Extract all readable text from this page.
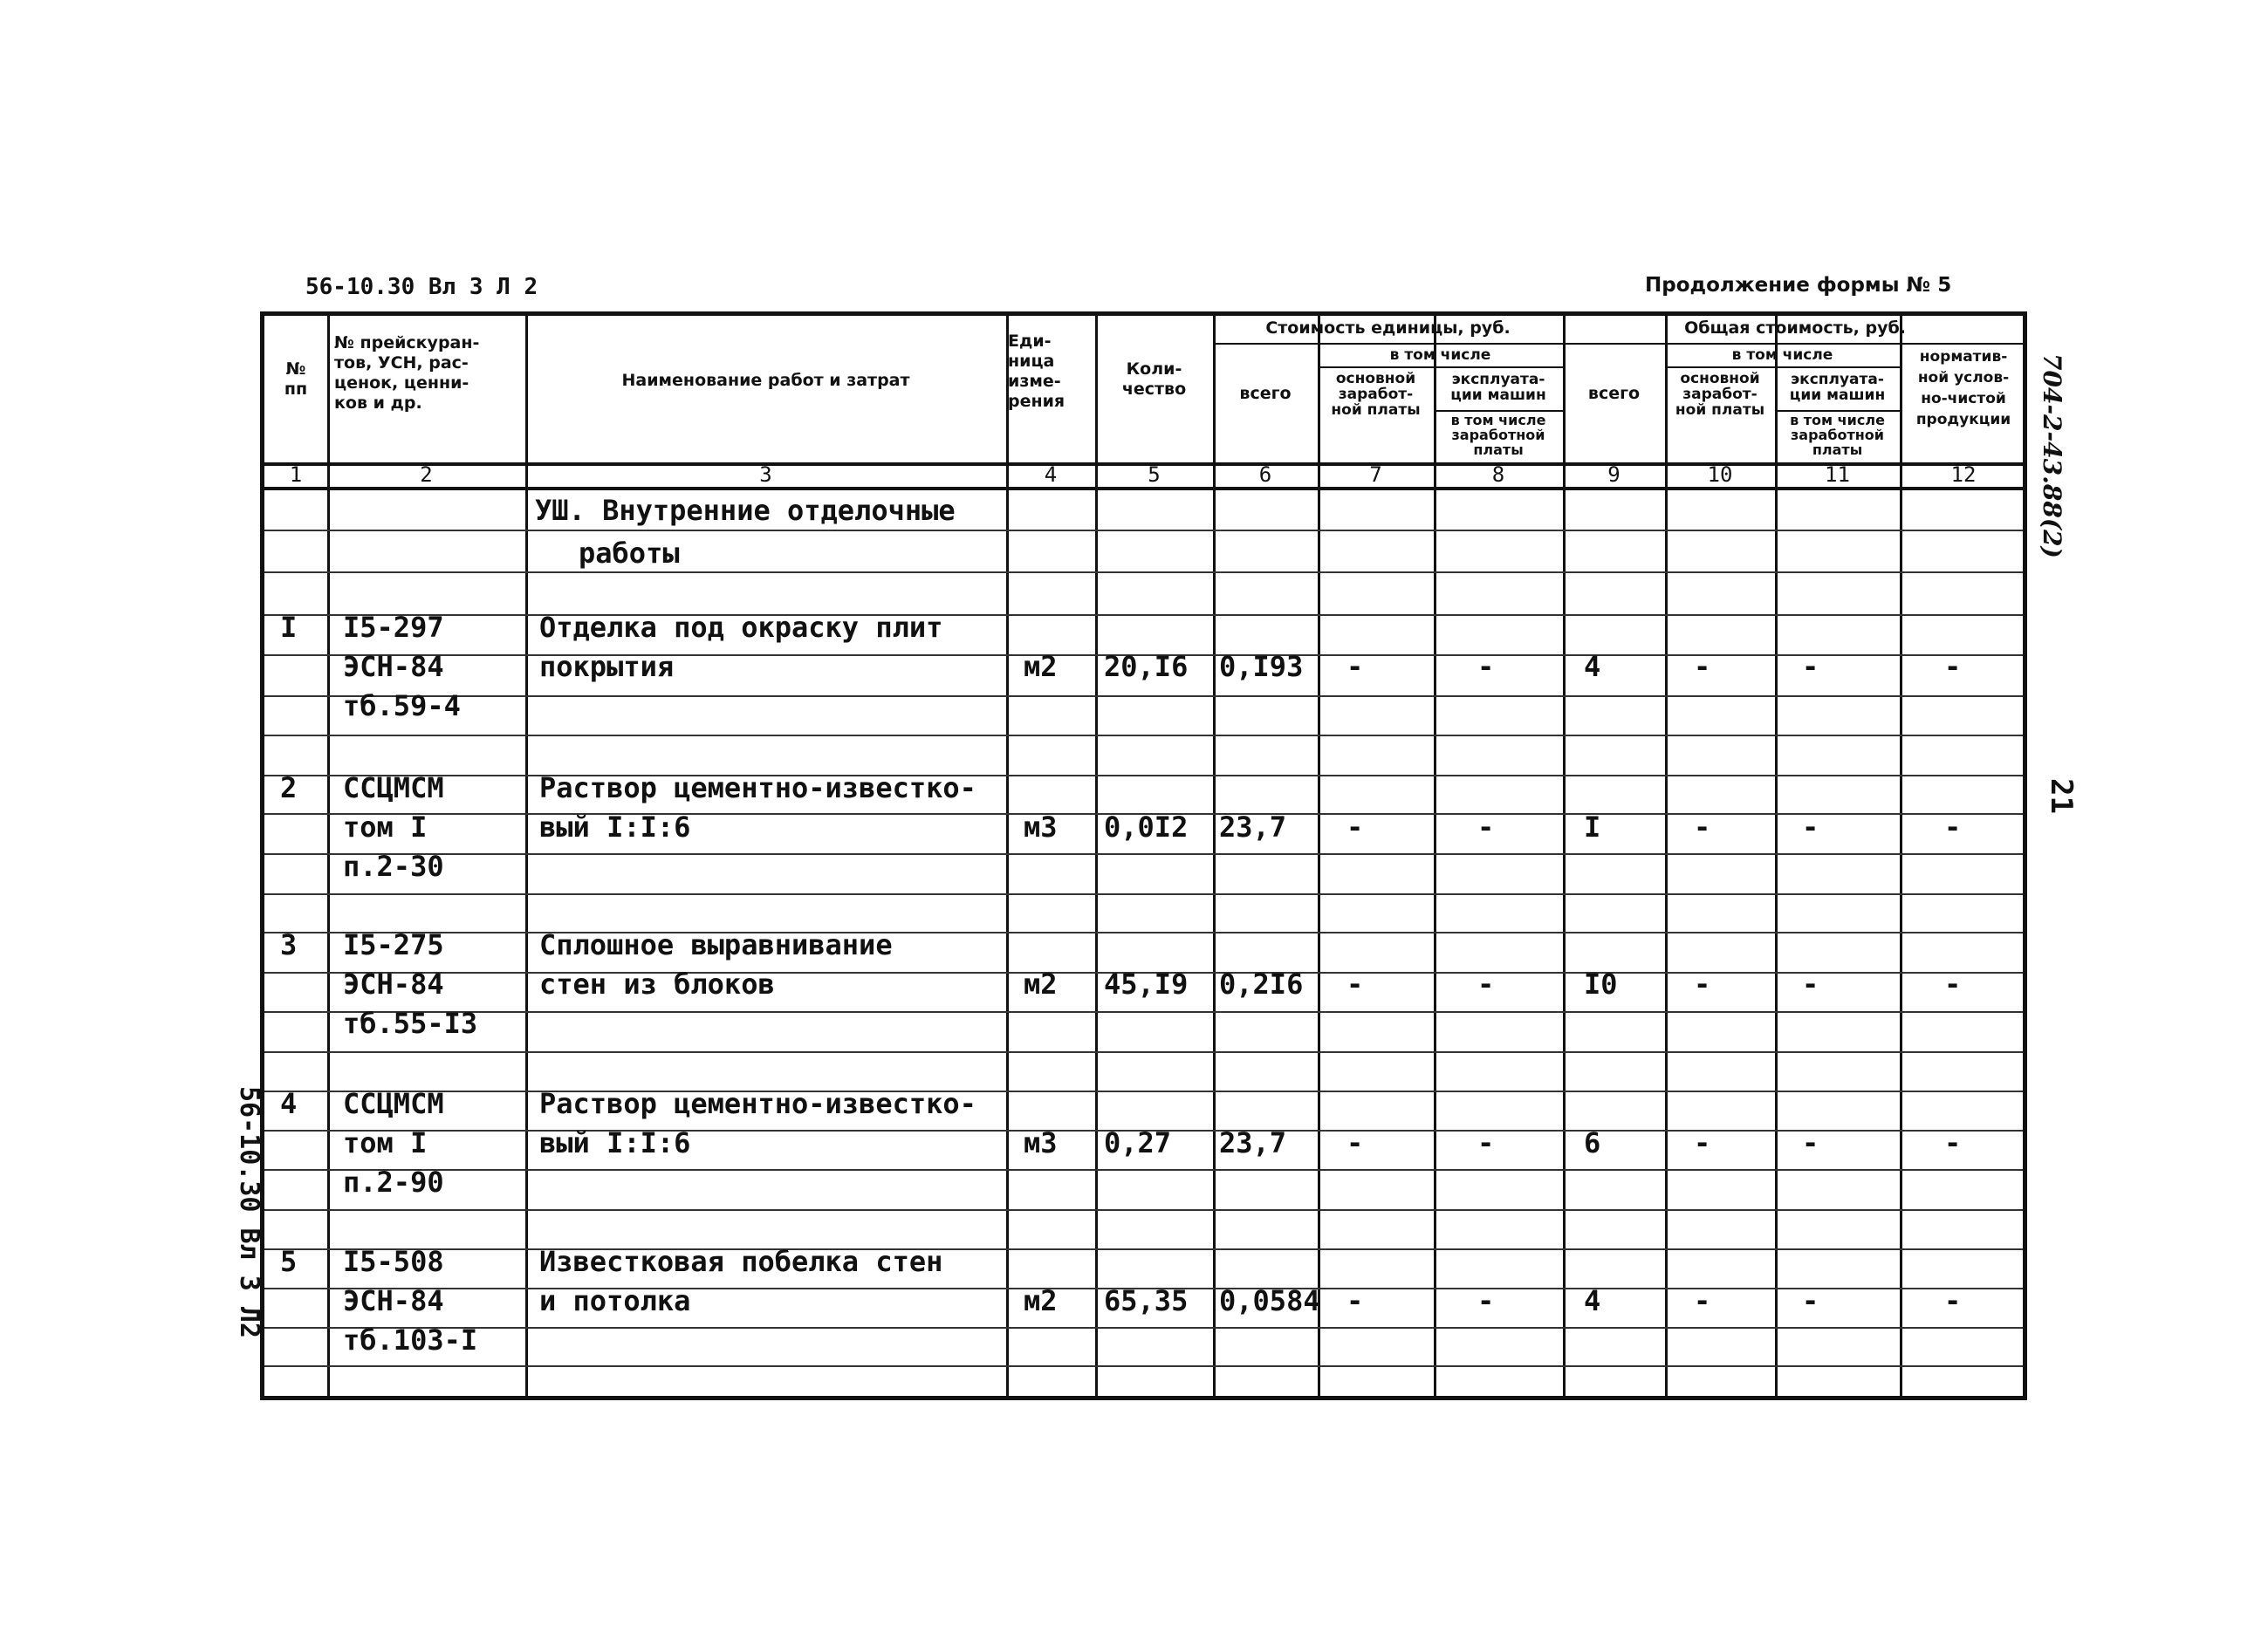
56-10.30 Вл 3 Л 2	Продолжение формы № 5
56-10.30 Вл 3 Л2
21
704-2-43.88(2)
№
пп
№ прейскуран-
тов, УСН, рас-
ценок, ценни-
ков и др.
Наименование работ и затрат
Еди-
ница
изме-
рения
Коли-
чество
Стоимость единицы, руб.	Общая стоимость, руб.
в том числе	в том числе
всего	всего
основной
заработ-
ной платы
основной
заработ-
ной платы
эксплуата-
ции машин
эксплуата-
ции машин
в том числе
заработной
платы
в том числе
заработной
платы
норматив-
ной услов-
но-чистой
продукции
1	2	3	4	5	6	7	8	9	10	11	12
УШ. Внутренние отделочные
работы
I I5-297
ЭСН-84
тб.59-4
Отделка под окраску плит
покрытия	м2 20,I6 0,I93 -	-	4	-	-	-
2 ССЦМСМ
том I
п.2-30
Раствор цементно-известко-
вый I:I:6	м3 0,0I2 23,7 -	-	I	-	-	-
3 I5-275
ЭСН-84
тб.55-I3
Сплошное выравнивание
стен из блоков	м2 45,I9 0,2I6 -	-	I0	-	-	-
4 ССЦМСМ
том I
п.2-90
Раствор цементно-известко-
вый I:I:6	м3 0,27 23,7 -	-	6	-	-	-
5 I5-508
ЭСН-84
тб.103-I
Известковая побелка стен
и потолка	м2 65,35 0,0584 -	-	4	-	-	-
